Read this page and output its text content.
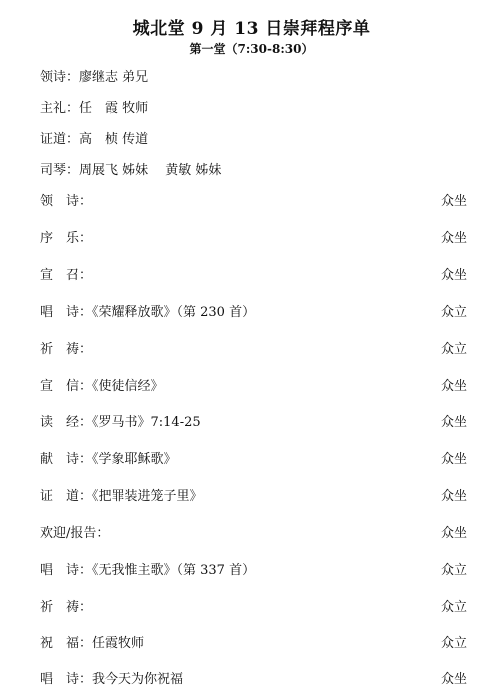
城北堂 9 月 13 日崇拜程序单
第一堂（7:30-8:30）
领诗：廖继志 弟兄
主礼：任　霞 牧师
证道：高　桢 传道
司琴：周展飞 姊妹　 黄敏 姊妹
领　诗：	众坐
序　乐：	众坐
宣　召：	众坐
唱　诗：《荣耀释放歌》（第 230 首）	众立
祈　祷：	众立
宣　信：《使徒信经》	众坐
读　经：《罗马书》7:14-25	众坐
献　诗：《学象耶稣歌》	众坐
证　道：《把罪装进笼子里》	众坐
欢迎/报告：	众坐
唱　诗：《无我惟主歌》（第 337 首）	众立
祈　祷：	众立
祝　福：任霞牧师	众立
唱　诗：我今天为你祝福	众坐
